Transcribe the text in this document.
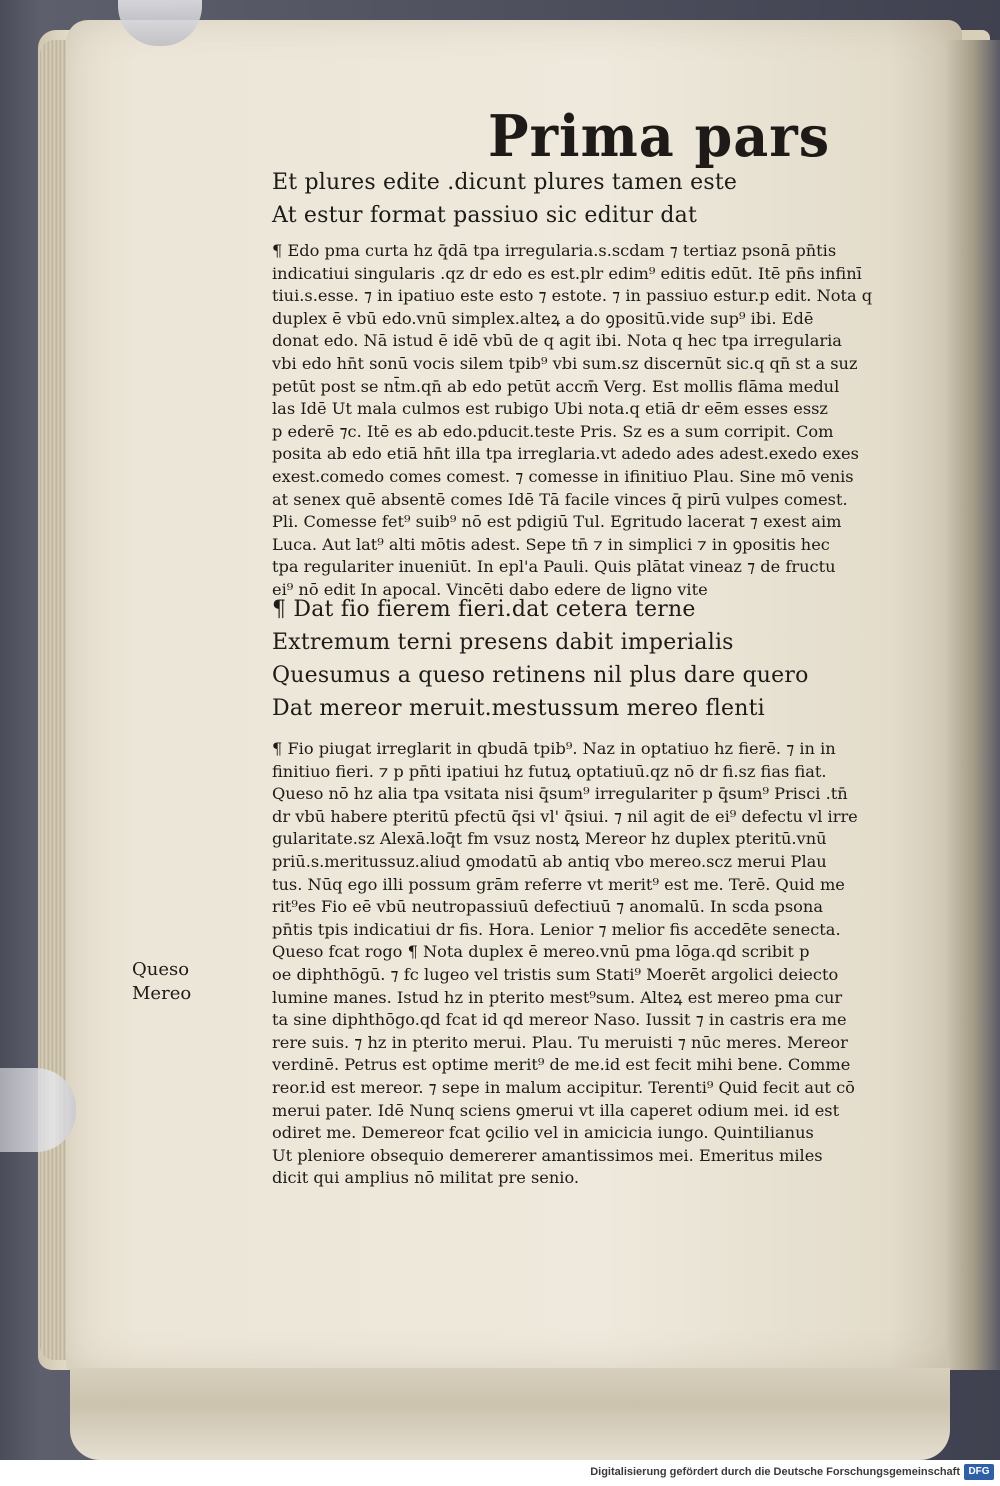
Prima pars
Et plures edite .dicunt plures tamen este
At estur format passiuo sic editur dat
¶ Edo pma curta hz q̄dā tpa irregularia.s.scdam ⁊ tertiaz psonā pn̄tis
indicatiui singularis .qz dr edo es est.plr edim⁹ editis edūt. Itē pn̄s infinī
tiui.s.esse. ⁊ in ipatiuo este esto ⁊ estote. ⁊ in passiuo estur.p edit. Nota q
duplex ē vbū edo.vnū simplex.alteꝝ a do ꝯpositū.vide sup⁹ ibi. Edē
donat edo. Nā istud ē idē vbū de q agit ibi. Nota q hec tpa irregularia
vbi edo hn̄t sonū vocis silem tpib⁹ vbi sum.sz discernūt sic.q qn̄ st a suz
petūt post se nt̄m.qn̄ ab edo petūt accm̄ Verg. Est mollis flāma medul
las Idē Ut mala culmos est rubigo Ubi nota.q etiā dr eēm esses essz
p ederē ⁊c. Itē es ab edo.pducit.teste Pris. Sz es a sum corripit. Com
posita ab edo etiā hn̄t illa tpa irreglaria.vt adedo ades adest.exedo exes
exest.comedo comes comest. ⁊ comesse in ifinitiuo Plau. Sine mō venis
at senex quē absentē comes Idē Tā facile vinces q̄ pirū vulpes comest.
Pli. Comesse fet⁹ suib⁹ nō est pdigiū Tul. Egritudo lacerat ⁊ exest aim
Luca. Aut lat⁹ alti mōtis adest. Sepe tn̄ ⁊ in simplici ⁊ in ꝯpositis hec
tpa regulariter inueniūt. In epl'a Pauli. Quis plātat vineaz ⁊ de fructu
ei⁹ nō edit In apocal. Vincēti dabo edere de ligno vite
¶ Dat fio fierem fieri.dat cetera terne
Extremum terni presens dabit imperialis
Quesumus a queso retinens nil plus dare quero
Dat mereor meruit.mestussum mereo flenti
¶ Fio piugat irreglarit in qbudā tpib⁹. Naz in optatiuo hz fierē. ⁊ in in
finitiuo fieri. ⁊ p pn̄ti ipatiui hz futuꝝ optatiuū.qz nō dr fi.sz fias fiat.
Queso nō hz alia tpa vsitata nisi q̄sum⁹ irregulariter p q̄sum⁹ Prisci .tn̄
dr vbū habere pteritū pfectū q̄si vl' q̄siui. ⁊ nil agit de ei⁹ defectu vl irre
gularitate.sz Alexā.loq̄t fm vsuz nostꝝ Mereor hz duplex pteritū.vnū
priū.s.meritussuz.aliud ꝯmodatū ab antiq vbo mereo.scz merui Plau
tus. Nūq ego illi possum grām referre vt merit⁹ est me. Terē. Quid me
rit⁹es Fio eē vbū neutropassiuū defectiuū ⁊ anomalū. In scda psona
pn̄tis tpis indicatiui dr fis. Hora. Lenior ⁊ melior fis accedēte senecta.
Queso fcat rogo ¶ Nota duplex ē mereo.vnū pma lōga.qd scribit p
oe diphthōgū. ⁊ fc lugeo vel tristis sum Stati⁹ Moerēt argolici deiecto
lumine manes. Istud hz in pterito mest⁹sum. Alteꝝ est mereo pma cur
ta sine diphthōgo.qd fcat id qd mereor Naso. Iussit ⁊ in castris era me
rere suis. ⁊ hz in pterito merui. Plau. Tu meruisti ⁊ nūc meres. Mereor
verdinē. Petrus est optime merit⁹ de me.id est fecit mihi bene. Comme
reor.id est mereor. ⁊ sepe in malum accipitur. Terenti⁹ Quid fecit aut cō
merui pater. Idē Nunq sciens ꝯmerui vt illa caperet odium mei. id est
odiret me. Demereor fcat ꝯcilio vel in amicicia iungo. Quintilianus
Ut pleniore obsequio demererer amantissimos mei. Emeritus miles
dicit qui amplius nō militat pre senio.
Queso
Mereo
Digitalisierung gefördert durch die Deutsche Forschungsgemeinschaft DFG
